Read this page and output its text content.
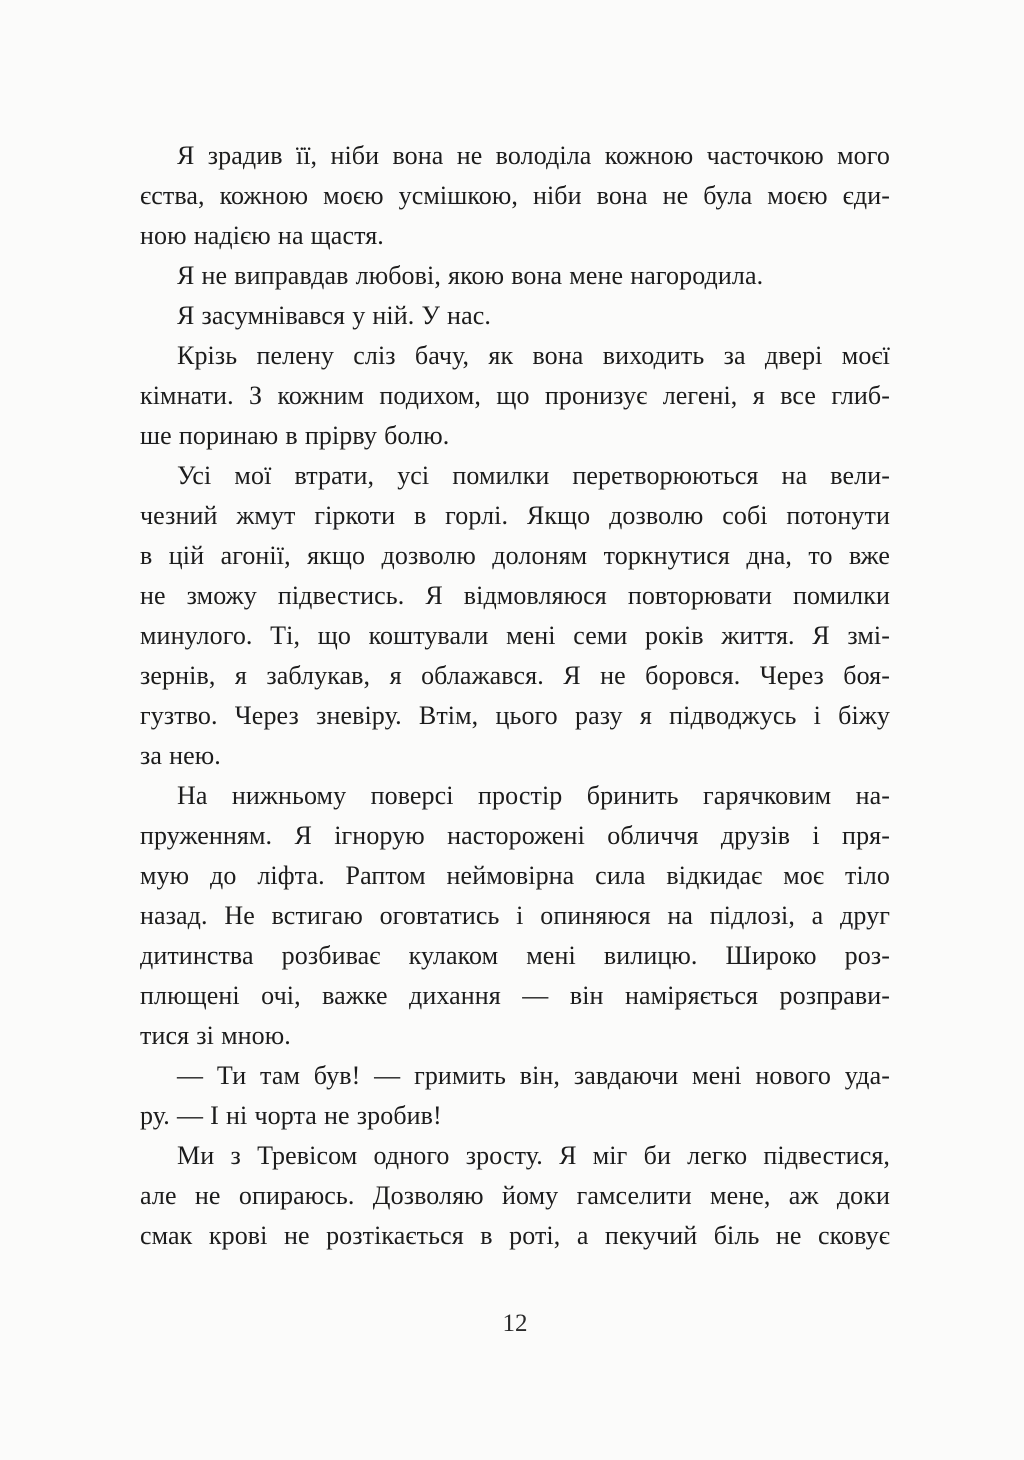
Я зрадив її, ніби вона не володіла кожною часточкою мого
єства, кожною моєю усмішкою, ніби вона не була моєю єди-
ною надією на щастя.
Я не виправдав любові, якою вона мене нагородила.
Я засумнівався у ній. У нас.
Крізь пелену сліз бачу, як вона виходить за двері моєї
кімнати. З кожним подихом, що пронизує легені, я все глиб-
ше поринаю в прірву болю.
Усі мої втрати, усі помилки перетворюються на вели-
чезний жмут гіркоти в горлі. Якщо дозволю собі потонути
в цій агонії, якщо дозволю долоням торкнутися дна, то вже
не зможу підвестись. Я відмовляюся повторювати помилки
минулого. Ті, що коштували мені семи років життя. Я змі-
зернів, я заблукав, я облажався. Я не боровся. Через боя-
гузтво. Через зневіру. Втім, цього разу я підводжусь і біжу
за нею.
На нижньому поверсі простір бринить гарячковим на-
пруженням. Я ігнорую насторожені обличчя друзів і пря-
мую до ліфта. Раптом неймовірна сила відкидає моє тіло
назад. Не встигаю оговтатись і опиняюся на підлозі, а друг
дитинства розбиває кулаком мені вилицю. Широко роз-
плющені очі, важке дихання — він наміряється розправи-
тися зі мною.
— Ти там був! — гримить він, завдаючи мені нового уда-
ру. — І ні чорта не зробив!
Ми з Тревісом одного зросту. Я міг би легко підвестися,
але не опираюсь. Дозволяю йому гамселити мене, аж доки
смак крові не розтікається в роті, а пекучий біль не сковує
12
